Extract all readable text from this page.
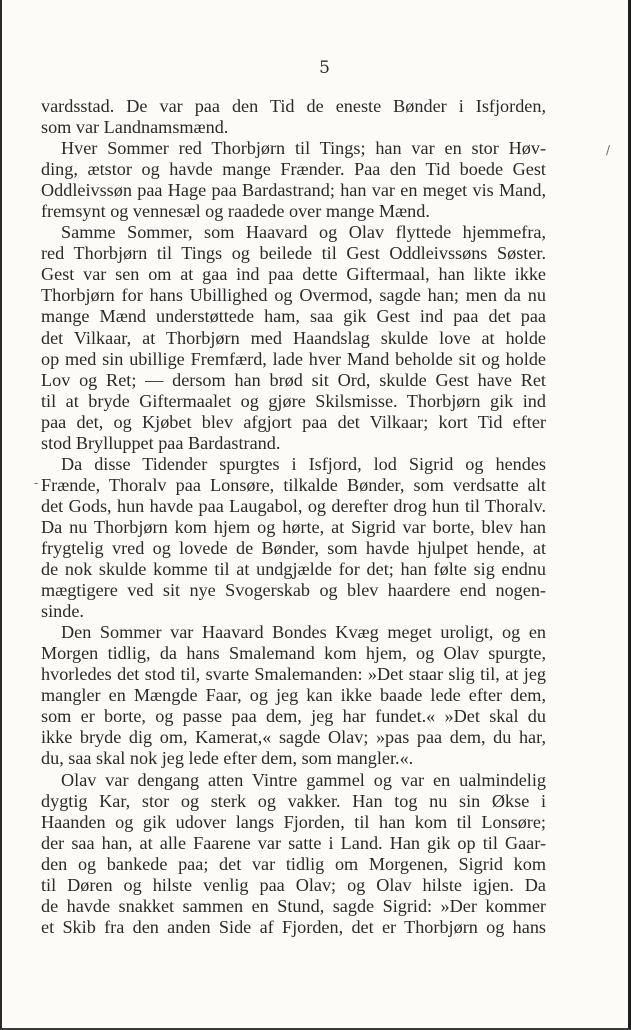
5
vardsstad. De var paa den Tid de eneste Bønder i Isfjorden,
som var Landnamsmænd.
Hver Sommer red Thorbjørn til Tings; han var en stor Høv-
ding, ætstor og havde mange Frænder. Paa den Tid boede Gest
Oddleivssøn paa Hage paa Bardastrand; han var en meget vis Mand,
fremsynt og vennesæl og raadede over mange Mænd.
Samme Sommer, som Haavard og Olav flyttede hjemmefra,
red Thorbjørn til Tings og beilede til Gest Oddleivssøns Søster.
Gest var sen om at gaa ind paa dette Giftermaal, han likte ikke
Thorbjørn for hans Ubillighed og Overmod, sagde han; men da nu
mange Mænd understøttede ham, saa gik Gest ind paa det paa
det Vilkaar, at Thorbjørn med Haandslag skulde love at holde
op med sin ubillige Fremfærd, lade hver Mand beholde sit og holde
Lov og Ret; — dersom han brød sit Ord, skulde Gest have Ret
til at bryde Giftermaalet og gjøre Skilsmisse. Thorbjørn gik ind
paa det, og Kjøbet blev afgjort paa det Vilkaar; kort Tid efter
stod Brylluppet paa Bardastrand.
Da disse Tidender spurgtes i Isfjord, lod Sigrid og hendes
Frænde, Thoralv paa Lonsøre, tilkalde Bønder, som verdsatte alt
det Gods, hun havde paa Laugabol, og derefter drog hun til Thoralv.
Da nu Thorbjørn kom hjem og hørte, at Sigrid var borte, blev han
frygtelig vred og lovede de Bønder, som havde hjulpet hende, at
de nok skulde komme til at undgjælde for det; han følte sig endnu
mægtigere ved sit nye Svogerskab og blev haardere end nogen-
sinde.
Den Sommer var Haavard Bondes Kvæg meget uroligt, og en
Morgen tidlig, da hans Smalemand kom hjem, og Olav spurgte,
hvorledes det stod til, svarte Smalemanden: »Det staar slig til, at jeg
mangler en Mængde Faar, og jeg kan ikke baade lede efter dem,
som er borte, og passe paa dem, jeg har fundet.« »Det skal du
ikke bryde dig om, Kamerat,« sagde Olav; »pas paa dem, du har,
du, saa skal nok jeg lede efter dem, som mangler.«.
Olav var dengang atten Vintre gammel og var en ualmindelig
dygtig Kar, stor og sterk og vakker. Han tog nu sin Økse i
Haanden og gik udover langs Fjorden, til han kom til Lonsøre;
der saa han, at alle Faarene var satte i Land. Han gik op til Gaar-
den og bankede paa; det var tidlig om Morgenen, Sigrid kom
til Døren og hilste venlig paa Olav; og Olav hilste igjen. Da
de havde snakket sammen en Stund, sagde Sigrid: »Der kommer
et Skib fra den anden Side af Fjorden, det er Thorbjørn og hans
/
-
